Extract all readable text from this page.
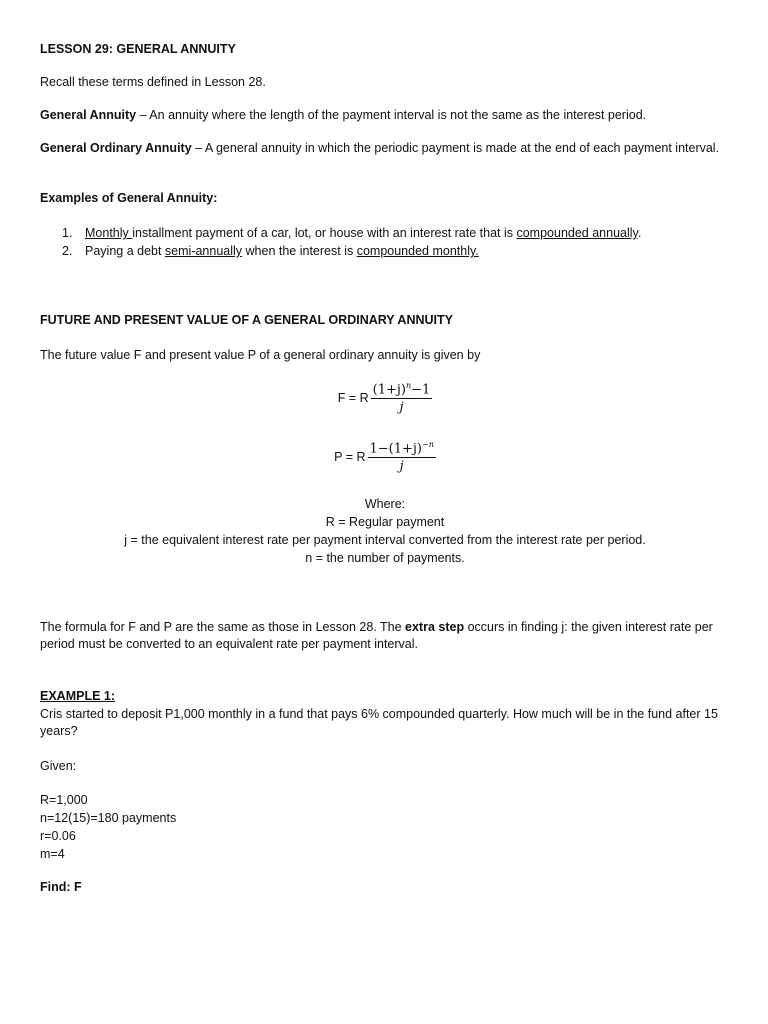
LESSON 29: GENERAL ANNUITY
Recall these terms defined in Lesson 28.
General Annuity – An annuity where the length of the payment interval is not the same as the interest period.
General Ordinary Annuity – A general annuity in which the periodic payment is made at the end of each payment interval.
Examples of General Annuity:
1. Monthly installment payment of a car, lot, or house with an interest rate that is compounded annually.
2. Paying a debt semi-annually when the interest is compounded monthly.
FUTURE AND PRESENT VALUE OF A GENERAL ORDINARY ANNUITY
The future value F and present value P of a general ordinary annuity is given by
F = R $\frac{(1+j)^n-1}{j}$
P = R $\frac{1-(1+j)^{-n}}{j}$
Where:
R = Regular payment
j = the equivalent interest rate per payment interval converted from the interest rate per period.
n = the number of payments.
The formula for F and P are the same as those in Lesson 28. The extra step occurs in finding j: the given interest rate per period must be converted to an equivalent rate per payment interval.
EXAMPLE 1:
Cris started to deposit P1,000 monthly in a fund that pays 6% compounded quarterly. How much will be in the fund after 15 years?
Given:
R=1,000
n=12(15)=180 payments
r=0.06
m=4
Find: F
